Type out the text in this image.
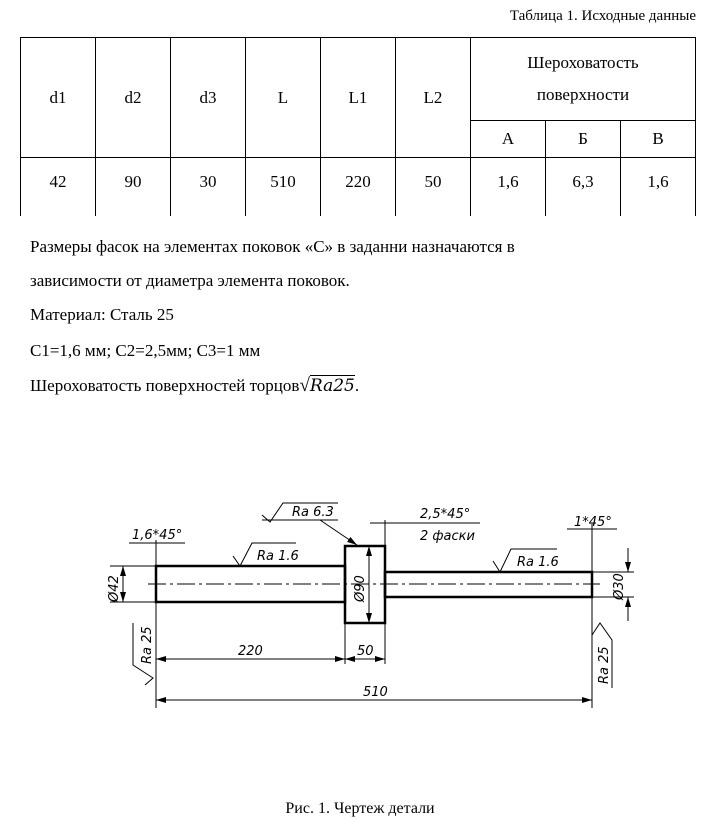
Таблица 1. Исходные данные
d1	d2	d3	L	L1	L2	Шероховатость
поверхности		

						А	Б	В
42	90	30	510	220	50	1,6	6,3	1,6
Размеры фасок на элементах поковок «С» в заданни назначаются в
зависимости от диаметра элемента поковок.
Материал: Сталь 25
С1=1,6 мм; С2=2,5мм; С3=1 мм
Шероховатость поверхностей торцов√Ra25.
1,6*45°
2,5*45°
2 фаски
1*45°
Ra 6.3
Ra 1.6	Ra 1.6
Ra 25
Ra 25
Ø42	Ø90	Ø30
220	50
510
Рис. 1. Чертеж детали
